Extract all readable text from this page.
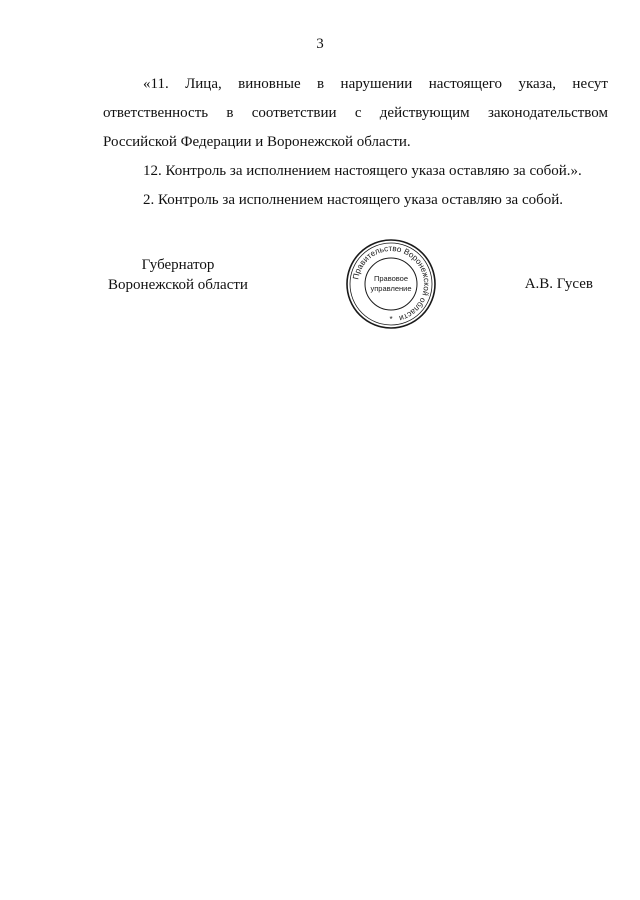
3

«11. Лица, виновные в нарушении настоящего указа, несут ответственность в соответствии с действующим законодательством Российской Федерации и Воронежской области.

12. Контроль за исполнением настоящего указа оставляю за собой.».

2. Контроль за исполнением настоящего указа оставляю за собой.

Губернатор
Воронежской области
Правительство Воронежской области
Правовое
управление
*
А.В. Гусев
